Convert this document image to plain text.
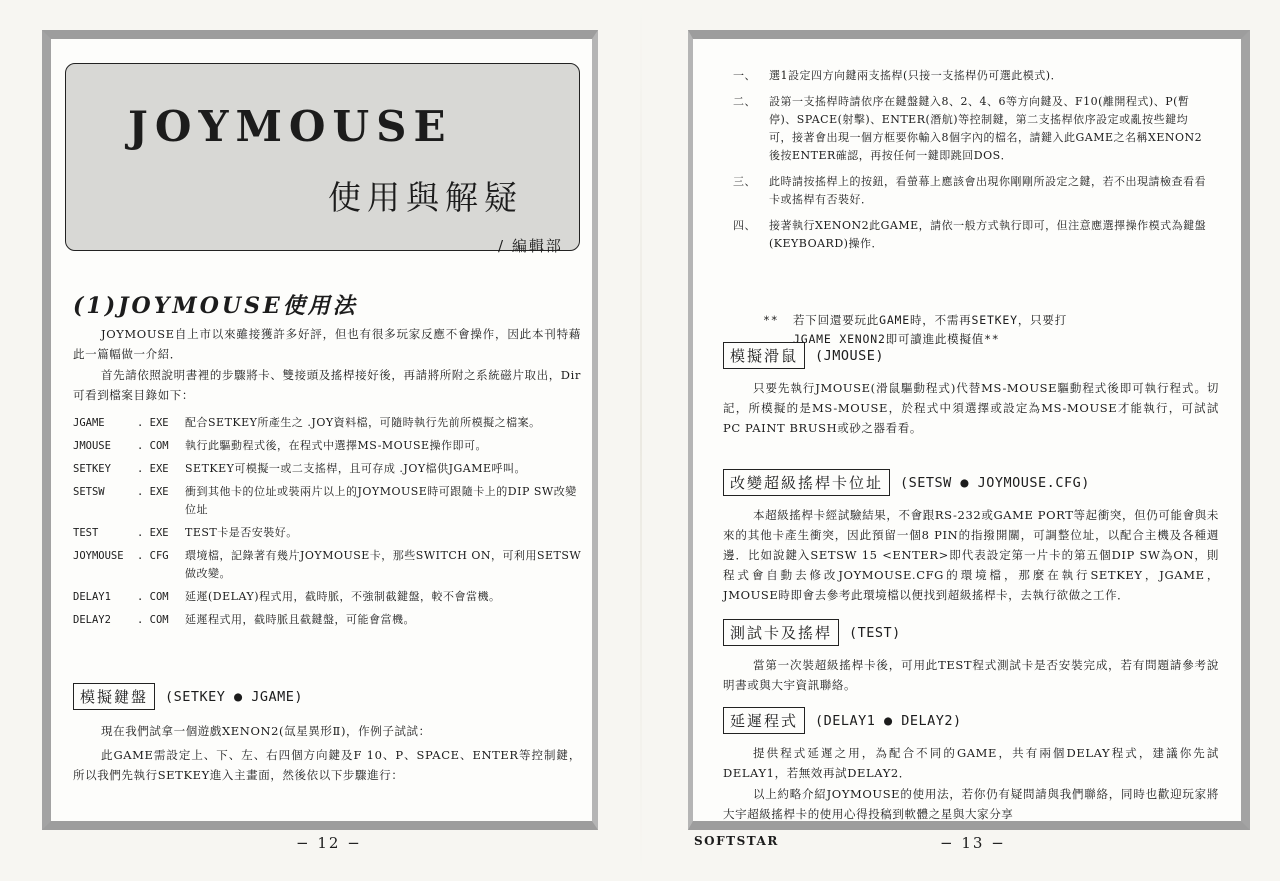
JOYMOUSE
使用與解疑
/ 編輯部
(1)JOYMOUSE使用法

JOYMOUSE自上市以來雖接獲許多好評，但也有很多玩家反應不會操作，因此本刊特藉此一篇幅做一介紹．

首先請依照說明書裡的步驟將卡、雙接頭及搖桿接好後，再請將所附之系統磁片取出，Dir可看到檔案目錄如下：

JGAME	. EXE	配合SETKEY所產生之 .JOY資料檔，可隨時執行先前所模擬之檔案。
JMOUSE	. COM	執行此驅動程式後，在程式中選擇MS-MOUSE操作即可。
SETKEY	. EXE	SETKEY可模擬一或二支搖桿，且可存成 .JOY檔供JGAME呼叫。
SETSW	. EXE	衝到其他卡的位址或裝兩片以上的JOYMOUSE時可跟隨卡上的DIP SW改變位址
TEST	. EXE	TEST卡是否安裝好。
JOYMOUSE	. CFG	環境檔，記錄著有幾片JOYMOUSE卡，那些SWITCH ON，可利用SETSW做改變。
DELAY1	. COM	延遲(DELAY)程式用，截時脈，不強制截鍵盤，較不會當機。
DELAY2	. COM	延遲程式用，截時脈且截鍵盤，可能會當機。
模擬鍵盤	(SETKEY ● JGAME)

現在我們試拿一個遊戲XENON2(氙星異形Ⅱ)，作例子試試：

此GAME需設定上、下、左、右四個方向鍵及F 10、P、SPACE、ENTER等控制鍵，所以我們先執行SETKEY進入主畫面，然後依以下步驟進行：

− 12 −
一、	選1設定四方向鍵兩支搖桿(只接一支搖桿仍可選此模式)．
二、	設第一支搖桿時請依序在鍵盤鍵入8、2、4、6等方向鍵及、F10(離開程式)、P(暫停)、SPACE(射擊)、ENTER(潛航)等控制鍵，第二支搖桿依序設定或亂按些鍵均可，接著會出現一個方框要你輸入8個字內的檔名，請鍵入此GAME之名稱XENON2後按ENTER確認，再按任何一鍵即跳回DOS．
三、	此時請按搖桿上的按鈕，看螢幕上應該會出現你剛剛所設定之鍵，若不出現請檢查看看卡或搖桿有否裝好．
四、	接著執行XENON2此GAME，請依一般方式執行即可，但注意應選擇操作模式為鍵盤(KEYBOARD)操作．
** 若下回還要玩此GAME時，不需再SETKEY，只要打
JGAME XENON2即可讀進此模擬值**
模擬滑鼠	(JMOUSE)

只要先執行JMOUSE(滑鼠驅動程式)代替MS-MOUSE驅動程式後即可執行程式。切記，所模擬的是MS-MOUSE，於程式中須選擇或設定為MS-MOUSE才能執行，可試試PC PAINT BRUSH或砂之器看看。

改變超級搖桿卡位址	(SETSW ● JOYMOUSE.CFG)

本超級搖桿卡經試驗結果，不會跟RS-232或GAME PORT等起衝突，但仍可能會與未來的其他卡產生衝突，因此預留一個8 PIN的指撥開關，可調整位址，以配合主機及各種週邊．比如說鍵入SETSW 15 <ENTER>即代表設定第一片卡的第五個DIP SW為ON，則程式會自動去修改JOYMOUSE.CFG的環境檔，那麼在執行SETKEY，JGAME，JMOUSE時即會去參考此環境檔以便找到超級搖桿卡，去執行欲做之工作．

測試卡及搖桿	(TEST)

當第一次裝超級搖桿卡後，可用此TEST程式測試卡是否安裝完成，若有問題請參考說明書或與大宇資訊聯絡。

延遲程式	(DELAY1 ● DELAY2)

提供程式延遲之用，為配合不同的GAME，共有兩個DELAY程式，建議你先試DELAY1，若無效再試DELAY2．

以上約略介紹JOYMOUSE的使用法，若你仍有疑問請與我們聯絡，同時也歡迎玩家將大宇超級搖桿卡的使用心得投稿到軟體之星與大家分享

SOFTSTAR	− 13 −
